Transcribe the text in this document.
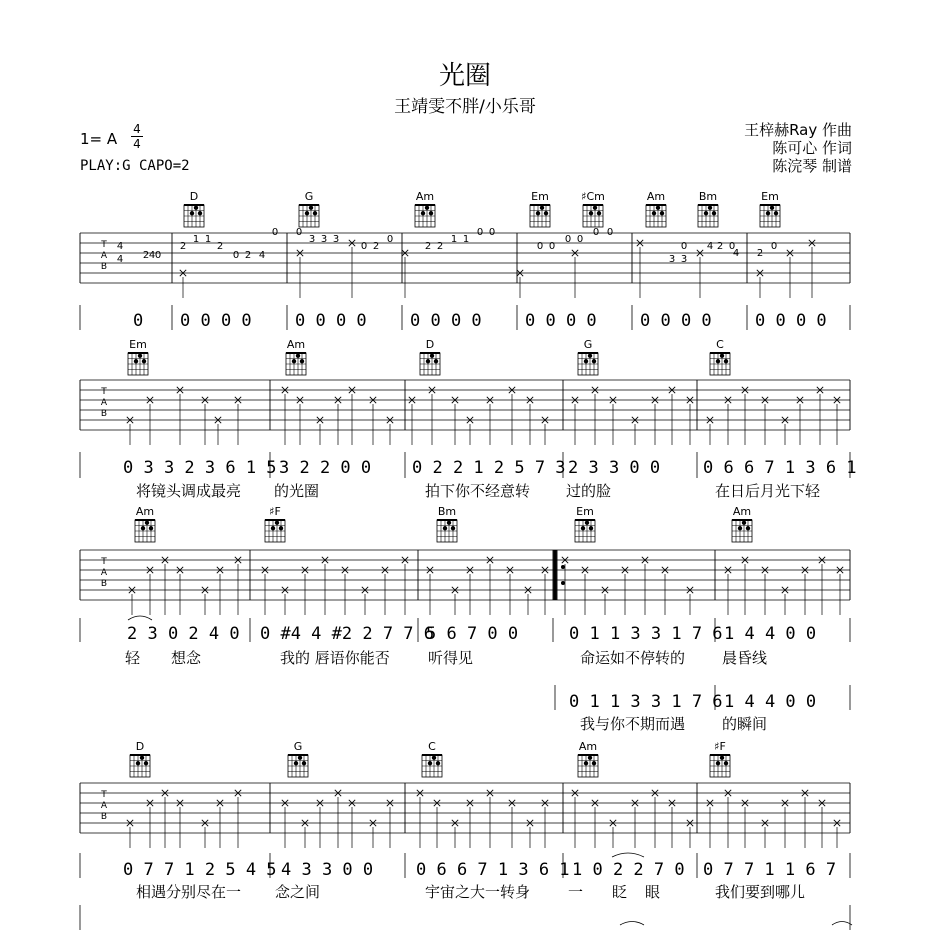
光圈
王靖雯不胖/小乐哥
1= A
4
4
PLAY:G CAPO=2
王梓赫Ray 作曲
陈可心 作词
陈浣琴 制谱
0 0 0 0 0	0 0 0 0	0 0 0 0	0 0 0 0	0 0 0 0	0 0 0 0
0 3 3 2 3 6 1 5 3 2 2 0 0 0 2 2 1 2 5 7 3 2 3 3 0 0	0 6 6 7 1 3 6 1
将镜头调成最亮 的光圈	拍下你不经意转 过的脸	在日后月光下轻
2 3 0 2 4 0 0 #4 4 #2 2 7 7 6
5 6 7 0 0	0 1 1 3 3 1 7 6 1 4 4 0 0
轻 想念	我的 唇语你能否	听得见	命运如不停转的 晨昏线
0 1 1 3 3 1 7 6 1 4 4 0 0
我与你不期而遇 的瞬间
0 7 7 1 2 5 4 5 4 3 3 0 0	0 6 6 7 1 3 6 1 1 0 2 2 7 0 0 7 7 1 1 6 7
相遇分别尽在一 念之间	宇宙之大一转身	一 眨 眼	我们要到哪儿
T
A
B
D	G	Am	Em	♯Cm	Am	Bm	Em
4
4 2 4 0
2
1 1
2
0 2 4
0 0
3 3 3
0 2
0
2 2
1 1
0 0
0 0
0 0
0 0
3 3
0	2 0
4
4 2
0
T
A
B
Em	Am	D	G	C
T
A
B
Am	♯F	Bm	Em	Am
T
A
B
D	G	C	Am	♯F
